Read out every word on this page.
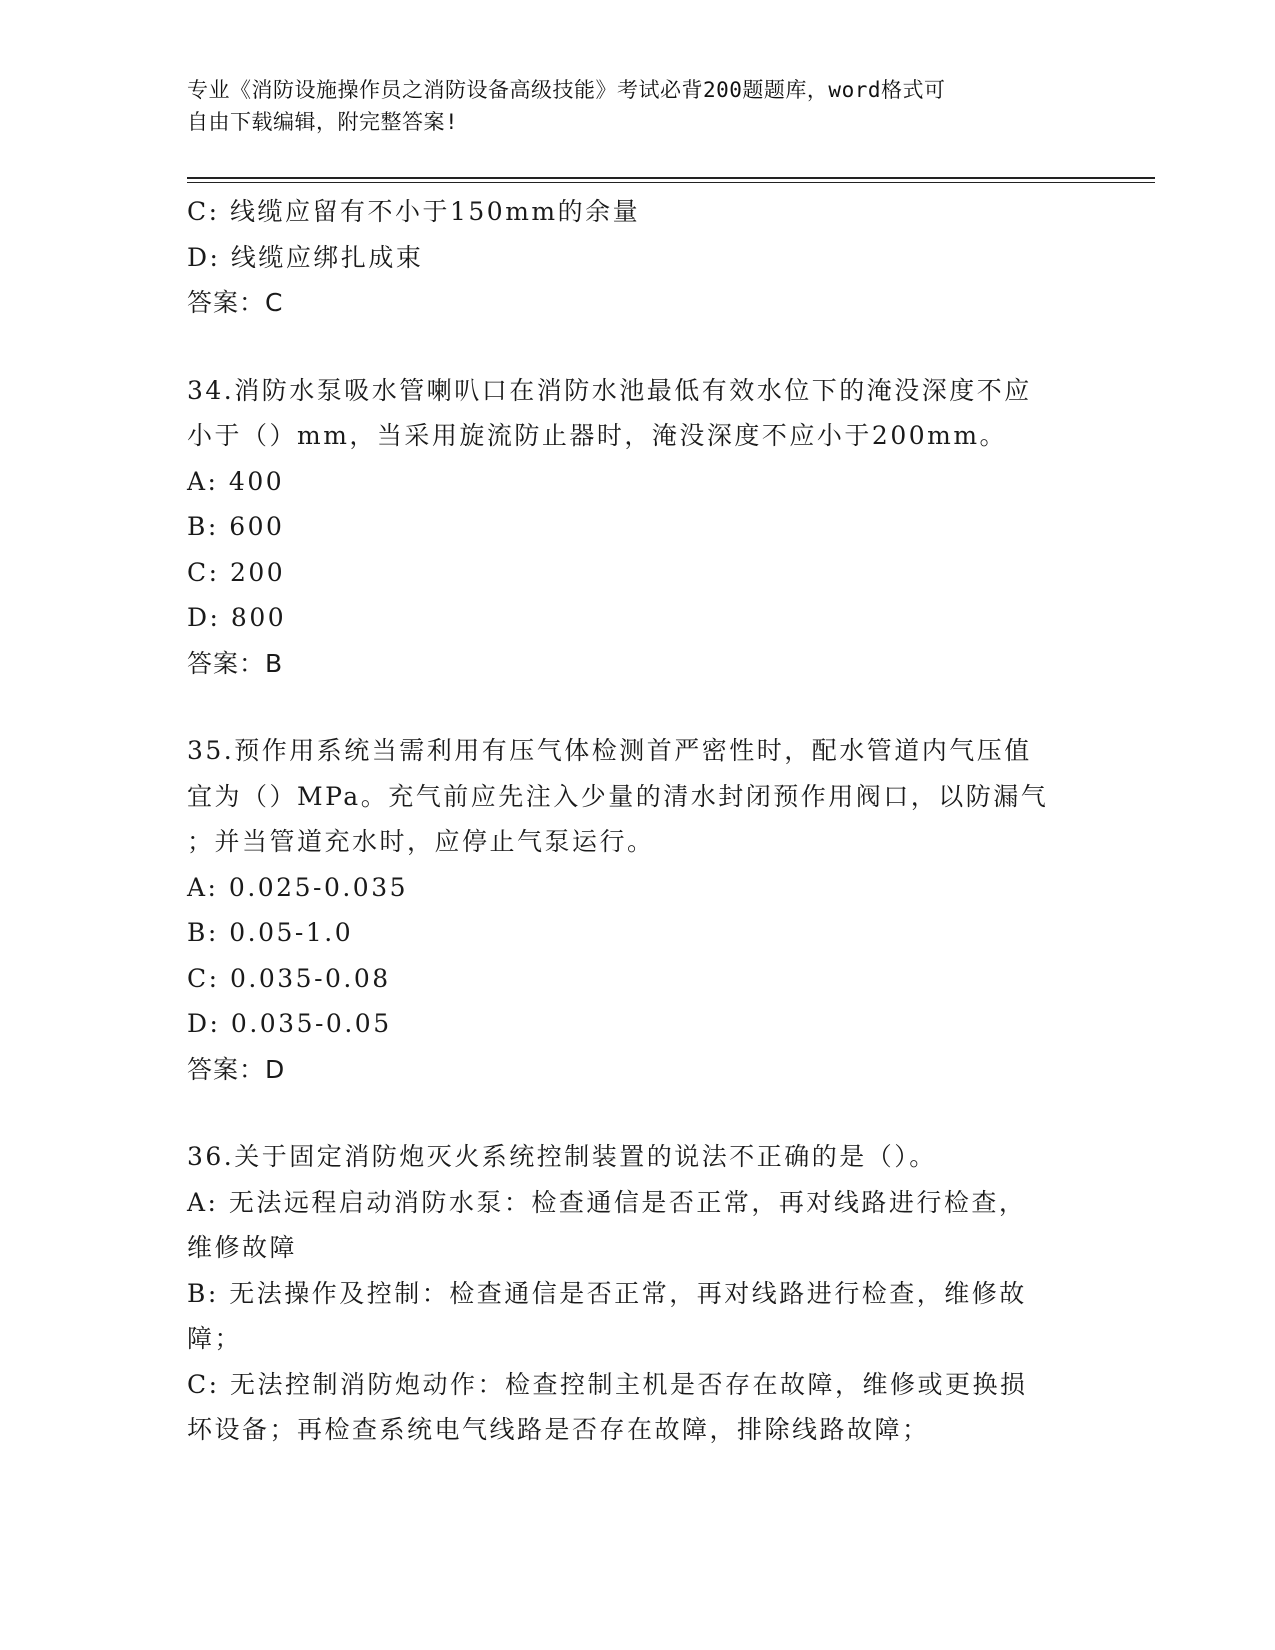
专业《消防设施操作员之消防设备高级技能》考试必背200题题库，word格式可
自由下载编辑，附完整答案!

C: 线缆应留有不小于150mm的余量

D: 线缆应绑扎成束

答案：C

34.消防水泵吸水管喇叭口在消防水池最低有效水位下的淹没深度不应

小于（）mm，当采用旋流防止器时，淹没深度不应小于200mm。

A: 400

B: 600

C: 200

D: 800

答案：B

35.预作用系统当需利用有压气体检测首严密性时，配水管道内气压值

宜为（）MPa。充气前应先注入少量的清水封闭预作用阀口，以防漏气

；并当管道充水时，应停止气泵运行。

A: 0.025-0.035

B: 0.05-1.0

C: 0.035-0.08

D: 0.035-0.05

答案：D

36.关于固定消防炮灭火系统控制装置的说法不正确的是（）。

A: 无法远程启动消防水泵：检查通信是否正常，再对线路进行检查，

维修故障

B: 无法操作及控制：检查通信是否正常，再对线路进行检查，维修故

障；

C: 无法控制消防炮动作：检查控制主机是否存在故障，维修或更换损

坏设备；再检查系统电气线路是否存在故障，排除线路故障；
